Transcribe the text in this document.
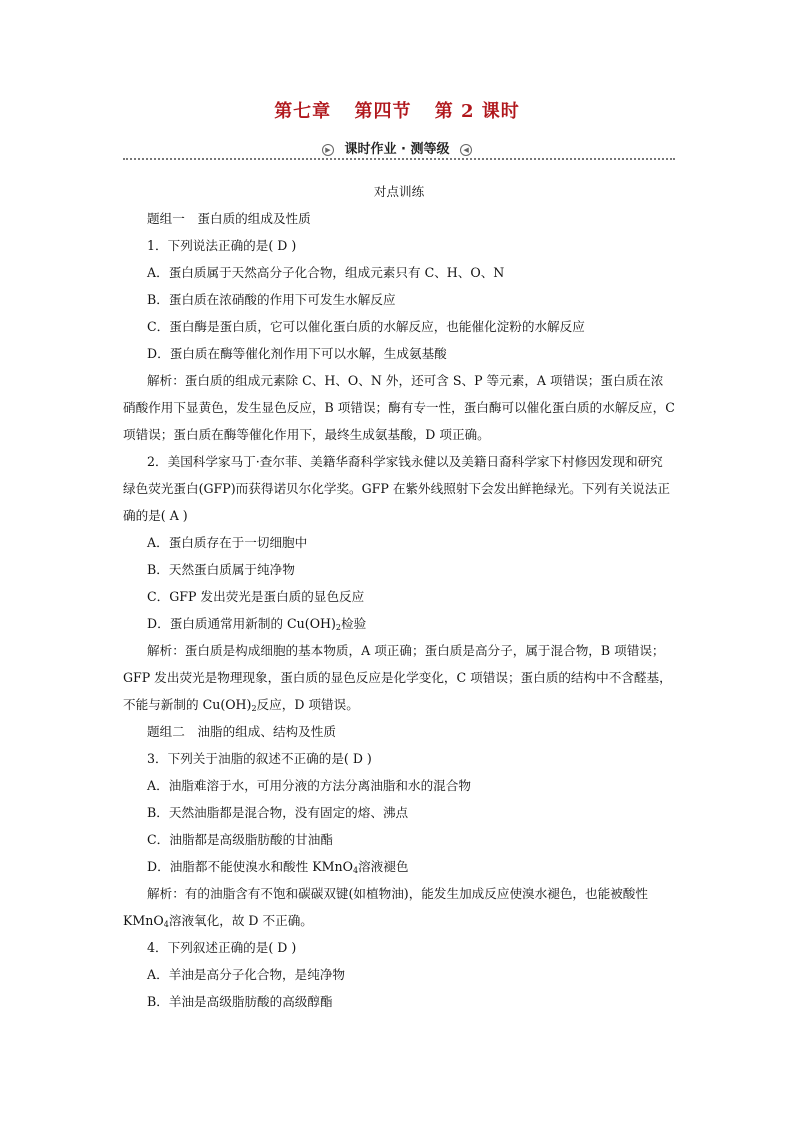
第七章 第四节 第 2 课时
▶ 课时作业 · 测等级 ◀

对点训练

题组一　蛋白质的组成及性质

1．下列说法正确的是( D )

A．蛋白质属于天然高分子化合物，组成元素只有 C、H、O、N

B．蛋白质在浓硝酸的作用下可发生水解反应

C．蛋白酶是蛋白质，它可以催化蛋白质的水解反应，也能催化淀粉的水解反应

D．蛋白质在酶等催化剂作用下可以水解，生成氨基酸

解析：蛋白质的组成元素除 C、H、O、N 外，还可含 S、P 等元素，A 项错误；蛋白质在浓硝酸作用下显黄色，发生显色反应，B 项错误；酶有专一性，蛋白酶可以催化蛋白质的水解反应，C 项错误；蛋白质在酶等催化作用下，最终生成氨基酸，D 项正确。

2．美国科学家马丁·查尔菲、美籍华裔科学家钱永健以及美籍日裔科学家下村修因发现和研究绿色荧光蛋白(GFP)而获得诺贝尔化学奖。GFP 在紫外线照射下会发出鲜艳绿光。下列有关说法正确的是( A )

A．蛋白质存在于一切细胞中

B．天然蛋白质属于纯净物

C．GFP 发出荧光是蛋白质的显色反应

D．蛋白质通常用新制的 $Cu(OH)_2$检验

解析：蛋白质是构成细胞的基本物质，A 项正确；蛋白质是高分子，属于混合物，B 项错误；GFP 发出荧光是物理现象，蛋白质的显色反应是化学变化，C 项错误；蛋白质的结构中不含醛基，不能与新制的 $Cu(OH)_2$反应，D 项错误。

题组二　油脂的组成、结构及性质

3．下列关于油脂的叙述不正确的是( D )

A．油脂难溶于水，可用分液的方法分离油脂和水的混合物

B．天然油脂都是混合物，没有固定的熔、沸点

C．油脂都是高级脂肪酸的甘油酯

D．油脂都不能使溴水和酸性 KMnO$_4$溶液褪色

解析：有的油脂含有不饱和碳碳双键(如植物油)，能发生加成反应使溴水褪色，也能被酸性 KMnO$_4$溶液氧化，故 D 不正确。

4．下列叙述正确的是( D )

A．羊油是高分子化合物，是纯净物

B．羊油是高级脂肪酸的高级醇酯
